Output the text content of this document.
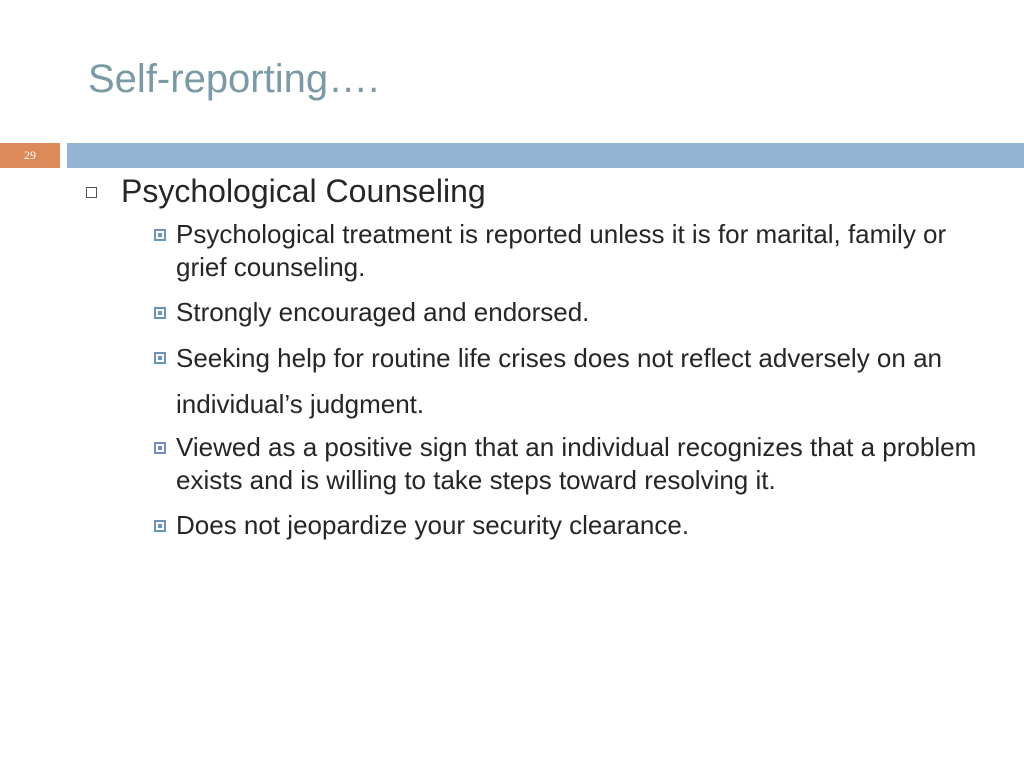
Self-reporting….
29
Psychological Counseling
Psychological treatment is reported unless it is for marital, family or grief counseling.
Strongly encouraged and endorsed.
Seeking help for routine life crises does not reflect adversely on an individual’s judgment.
Viewed as a positive sign that an individual recognizes that a problem exists and is willing to take steps toward resolving it.
Does not jeopardize your security clearance.
